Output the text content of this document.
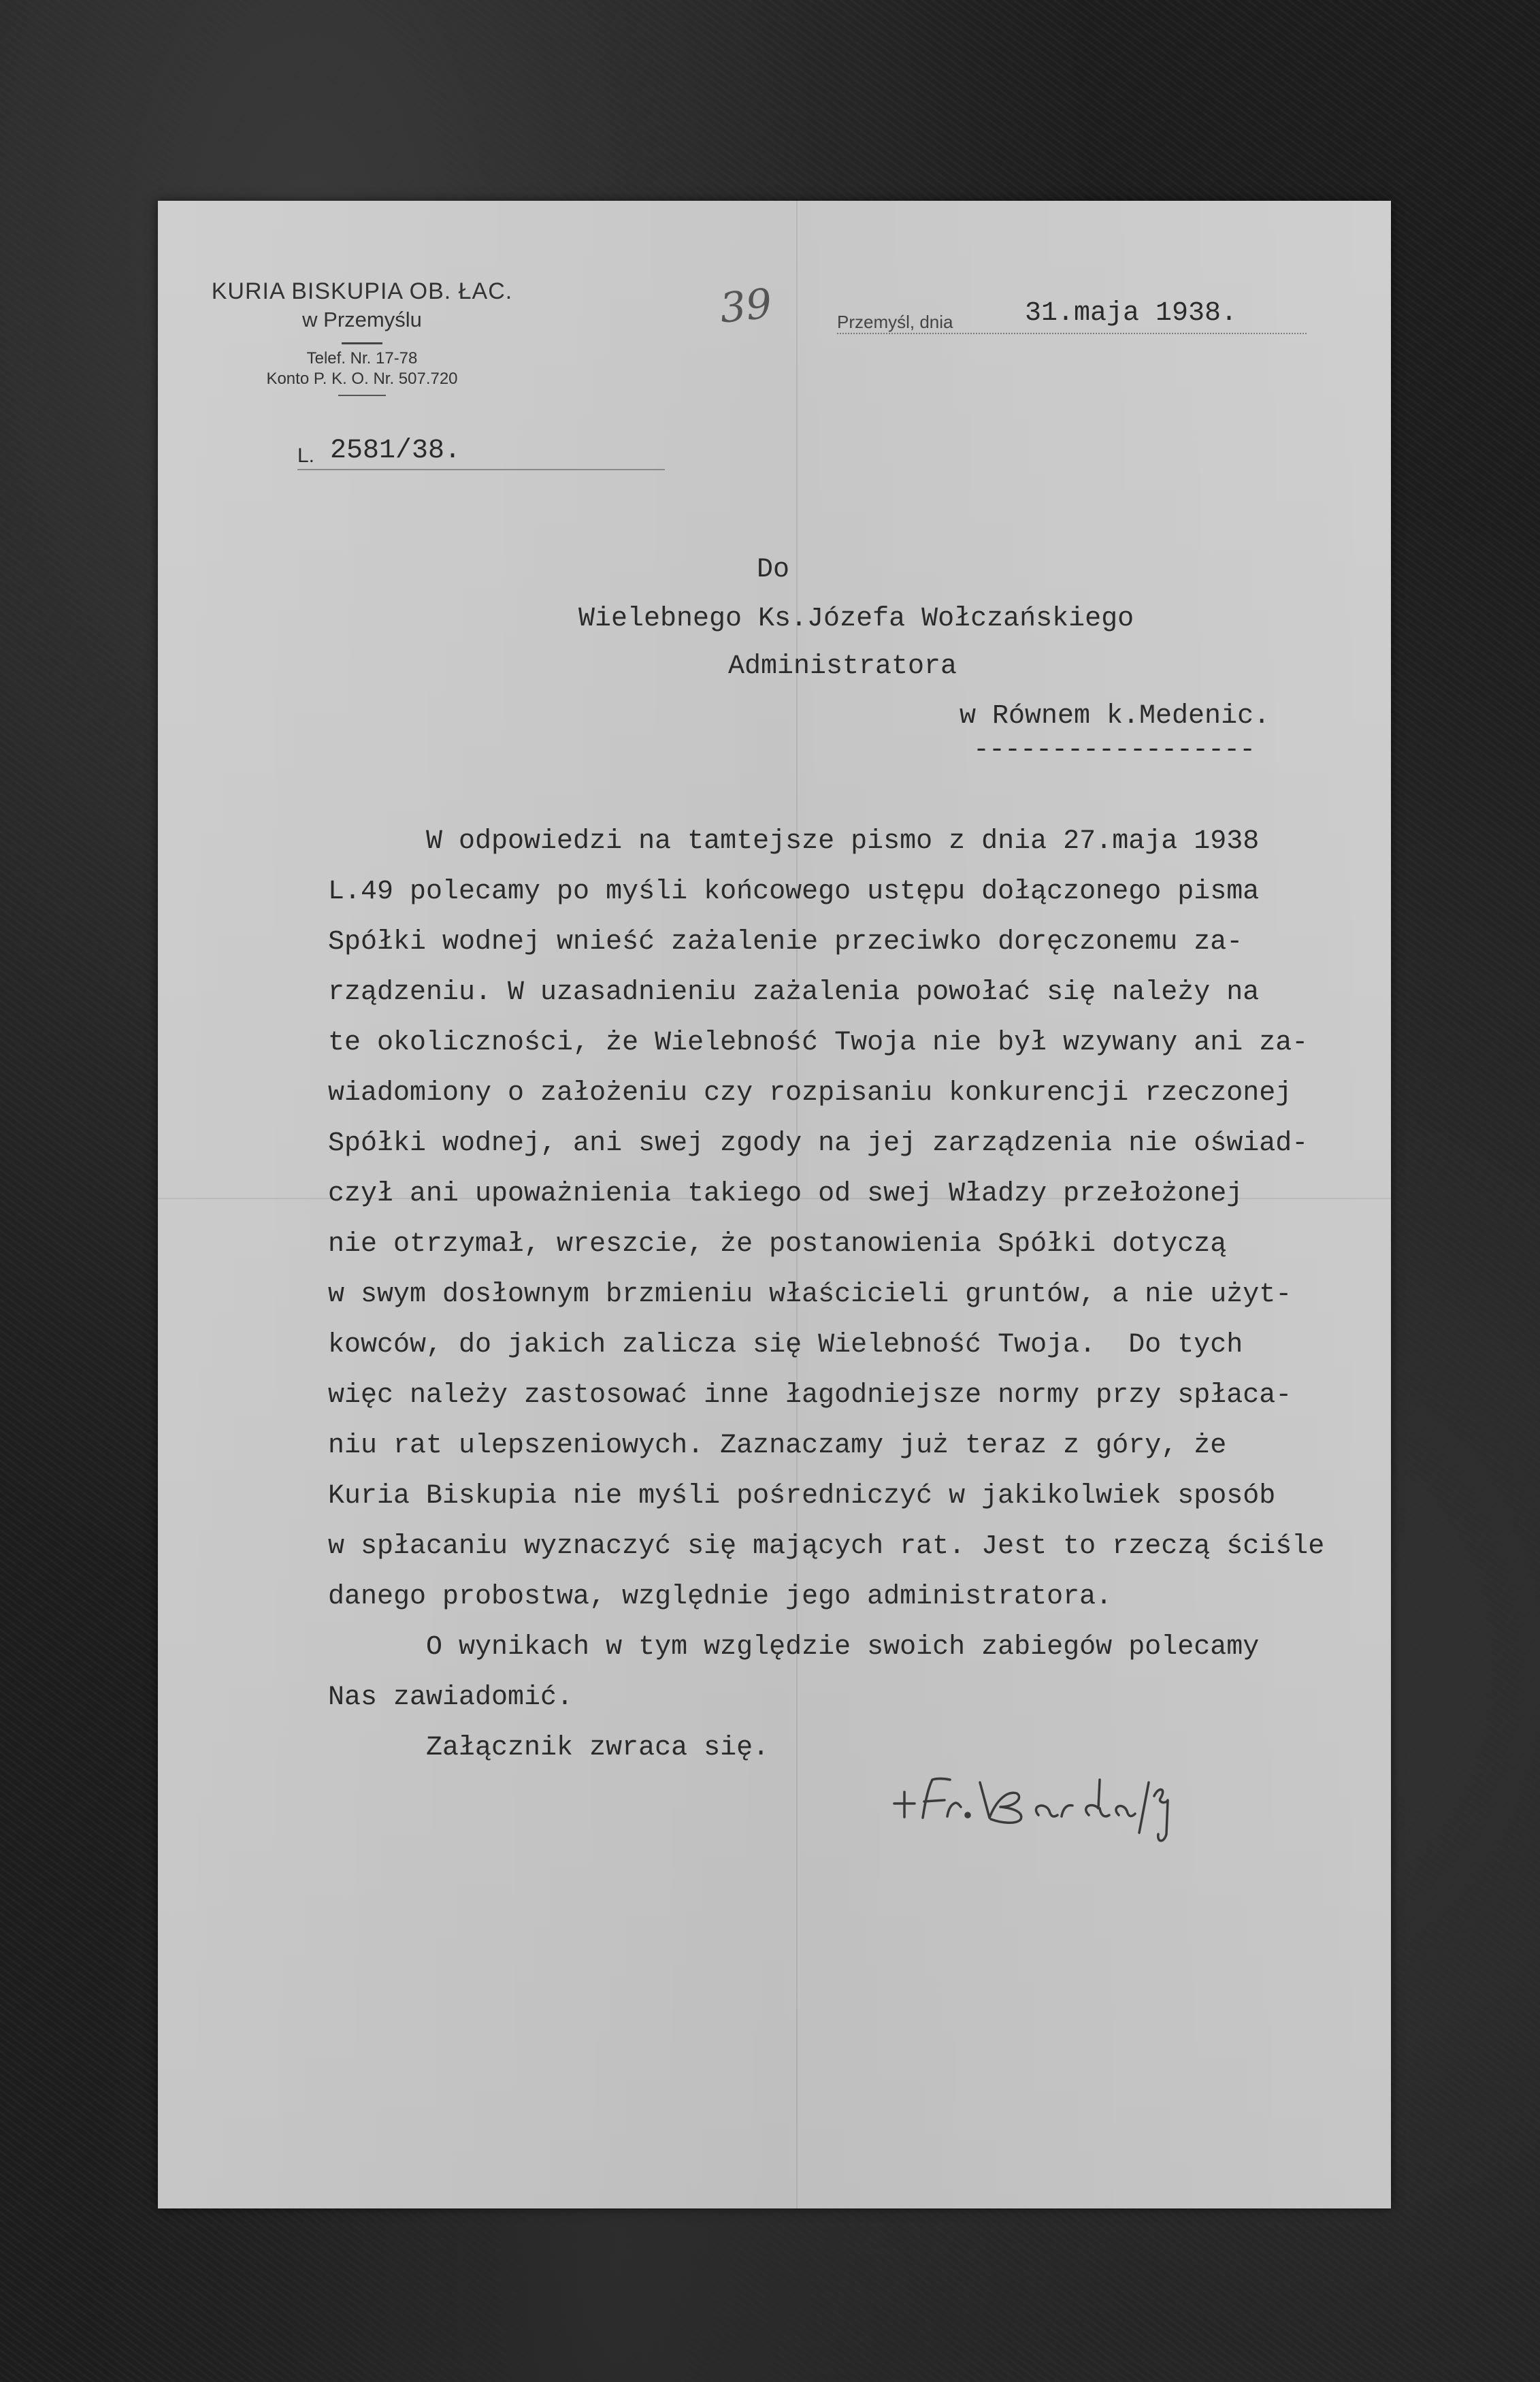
KURIA BISKUPIA OB. ŁAC.
w Przemyślu
Telef. Nr. 17-78
Konto P. K. O. Nr. 507.720
L. 2581/38.
39	Przemyśl, dnia	31.maja 1938.
Do
Wielebnego Ks.Józefa Wołczańskiego
Administratora
w Równem k.Medenic.
------------------
W odpowiedzi na tamtejsze pismo z dnia 27.maja 1938
L.49 polecamy po myśli końcowego ustępu dołączonego pisma
Spółki wodnej wnieść zażalenie przeciwko doręczonemu za-
rządzeniu. W uzasadnieniu zażalenia powołać się należy na
te okoliczności, że Wielebność Twoja nie był wzywany ani za-
wiadomiony o założeniu czy rozpisaniu konkurencji rzeczonej
Spółki wodnej, ani swej zgody na jej zarządzenia nie oświad-
czył ani upoważnienia takiego od swej Władzy przełożonej
nie otrzymał, wreszcie, że postanowienia Spółki dotyczą
w swym dosłownym brzmieniu właścicieli gruntów, a nie użyt-
kowców, do jakich zalicza się Wielebność Twoja.  Do tych
więc należy zastosować inne łagodniejsze normy przy spłaca-
niu rat ulepszeniowych. Zaznaczamy już teraz z góry, że
Kuria Biskupia nie myśli pośredniczyć w jakikolwiek sposób
w spłacaniu wyznaczyć się mających rat. Jest to rzeczą ściśle
danego probostwa, względnie jego administratora.
O wynikach w tym względzie swoich zabiegów polecamy
Nas zawiadomić.
Załącznik zwraca się.
